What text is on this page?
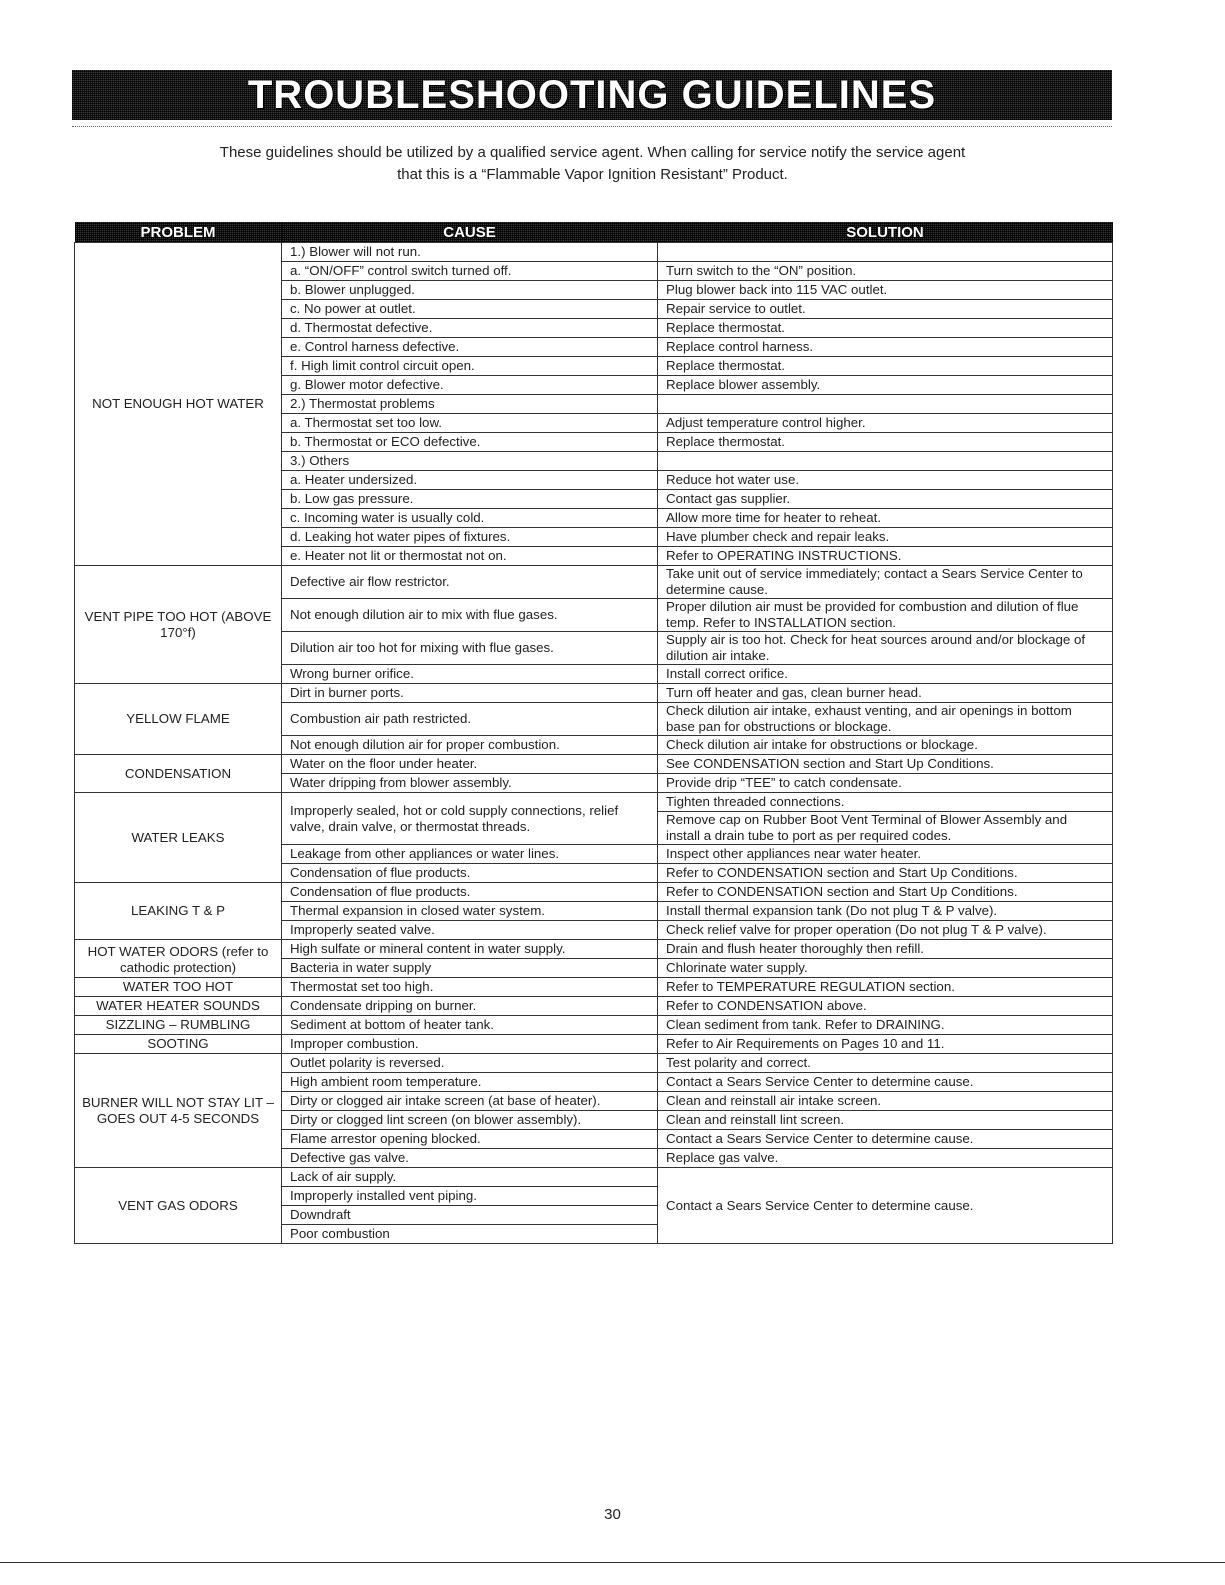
TROUBLESHOOTING GUIDELINES
These guidelines should be utilized by a qualified service agent. When calling for service notify the service agent
that this is a “Flammable Vapor Ignition Resistant” Product.
PROBLEM	CAUSE	SOLUTION
NOT ENOUGH HOT WATER	1.) Blower will not run.	
	a. “ON/OFF” control switch turned off.	Turn switch to the “ON” position.
	b. Blower unplugged.	Plug blower back into 115 VAC outlet.
	c. No power at outlet.	Repair service to outlet.
	d. Thermostat defective.	Replace thermostat.
	e. Control harness defective.	Replace control harness.
	f. High limit control circuit open.	Replace thermostat.
	g. Blower motor defective.	Replace blower assembly.
	2.) Thermostat problems	
	a. Thermostat set too low.	Adjust temperature control higher.
	b. Thermostat or ECO defective.	Replace thermostat.
	3.) Others	
	a. Heater undersized.	Reduce hot water use.
	b. Low gas pressure.	Contact gas supplier.
	c. Incoming water is usually cold.	Allow more time for heater to reheat.
	d. Leaking hot water pipes of fixtures.	Have plumber check and repair leaks.
	e. Heater not lit or thermostat not on.	Refer to OPERATING INSTRUCTIONS.
VENT PIPE TOO HOT (ABOVE 170°f)	Defective air flow restrictor.	Take unit out of service immediately; contact a Sears Service Center to determine cause.
	Not enough dilution air to mix with flue gases.	Proper dilution air must be provided for combustion and dilution of flue temp. Refer to INSTALLATION section.
	Dilution air too hot for mixing with flue gases.	Supply air is too hot. Check for heat sources around and/or blockage of dilution air intake.
	Wrong burner orifice.	Install correct orifice.
YELLOW FLAME	Dirt in burner ports.	Turn off heater and gas, clean burner head.
	Combustion air path restricted.	Check dilution air intake, exhaust venting, and air openings in bottom base pan for obstructions or blockage.
	Not enough dilution air for proper combustion.	Check dilution air intake for obstructions or blockage.
CONDENSATION	Water on the floor under heater.	See CONDENSATION section and Start Up Conditions.
	Water dripping from blower assembly.	Provide drip “TEE” to catch condensate.
WATER LEAKS	Improperly sealed, hot or cold supply connections, relief valve, drain valve, or thermostat threads.	Tighten threaded connections.
		Remove cap on Rubber Boot Vent Terminal of Blower Assembly and install a drain tube to port as per required codes.
	Leakage from other appliances or water lines.	Inspect other appliances near water heater.
	Condensation of flue products.	Refer to CONDENSATION section and Start Up Conditions.
LEAKING T & P	Condensation of flue products.	Refer to CONDENSATION section and Start Up Conditions.
	Thermal expansion in closed water system.	Install thermal expansion tank (Do not plug T & P valve).
	Improperly seated valve.	Check relief valve for proper operation (Do not plug T & P valve).
HOT WATER ODORS (refer to cathodic protection)	High sulfate or mineral content in water supply.	Drain and flush heater thoroughly then refill.
	Bacteria in water supply	Chlorinate water supply.
WATER TOO HOT	Thermostat set too high.	Refer to TEMPERATURE REGULATION section.
WATER HEATER SOUNDS	Condensate dripping on burner.	Refer to CONDENSATION above.
SIZZLING – RUMBLING	Sediment at bottom of heater tank.	Clean sediment from tank. Refer to DRAINING.
SOOTING	Improper combustion.	Refer to Air Requirements on Pages 10 and 11.
BURNER WILL NOT STAY LIT – GOES OUT 4-5 SECONDS	Outlet polarity is reversed.	Test polarity and correct.
	High ambient room temperature.	Contact a Sears Service Center to determine cause.
	Dirty or clogged air intake screen (at base of heater).	Clean and reinstall air intake screen.
	Dirty or clogged lint screen (on blower assembly).	Clean and reinstall lint screen.
	Flame arrestor opening blocked.	Contact a Sears Service Center to determine cause.
	Defective gas valve.	Replace gas valve.
VENT GAS ODORS	Lack of air supply.	Contact a Sears Service Center to determine cause.
	Improperly installed vent piping.	
	Downdraft	
	Poor combustion	
30
